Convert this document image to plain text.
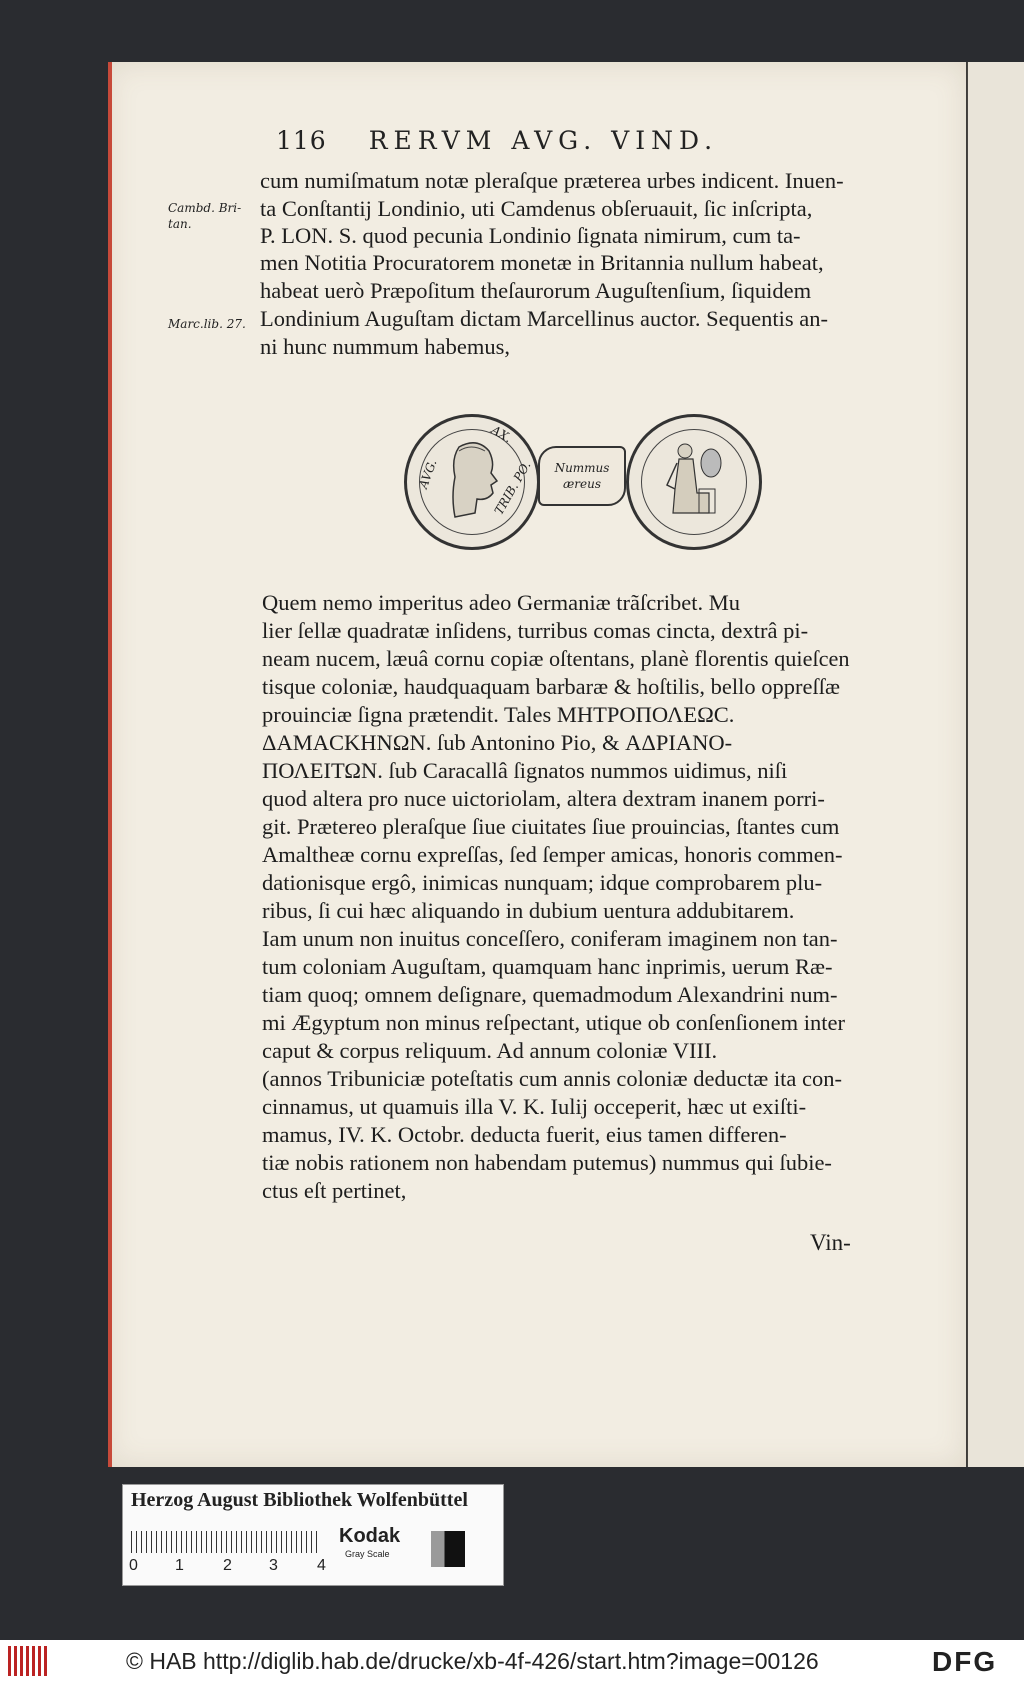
116 RERVM AVG. VIND.
Cambd. Bri-
tan.
Marc.lib. 27.
cum numiſmatum notæ pleraſque præterea urbes indicent. Inuen-
ta Conſtantij Londinio, uti Camdenus obſeruauit, ſic inſcripta,
P. LON. S. quod pecunia Londinio ſignata nimirum, cum ta-
men Notitia Procuratorem monetæ in Britannia nullum habeat,
habeat uerò Præpoſitum theſaurorum Auguſtenſium, ſiquidem
Londinium Auguſtam dictam Marcellinus auctor. Sequentis an-
ni hunc nummum habemus,
AVG.
AX.
TRIB. PO.	Nummus
æreus
Quem nemo imperitus adeo Germaniæ trãſcribet. Mu
lier ſellæ quadratæ inſidens, turribus comas cincta, dextrâ pi-
neam nucem, læuâ cornu copiæ oſtentans, planè florentis quieſcen
tisque coloniæ, haudquaquam barbaræ & hoſtilis, bello oppreſſæ
prouinciæ ſigna prætendit. Tales ΜΗΤΡΟΠΟΛΕΩC.
ΔΑΜΑCΚΗΝΩΝ. ſub Antonino Pio, & ΑΔΡΙΑΝΟ-
ΠΟΛΕΙΤΩΝ. ſub Caracallâ ſignatos nummos uidimus, niſi
quod altera pro nuce uictoriolam, altera dextram inanem porri-
git. Prætereo pleraſque ſiue ciuitates ſiue prouincias, ſtantes cum
Amaltheæ cornu expreſſas, ſed ſemper amicas, honoris commen-
dationisque ergô, inimicas nunquam; idque comprobarem plu-
ribus, ſi cui hæc aliquando in dubium uentura addubitarem.
Iam unum non inuitus conceſſero, coniferam imaginem non tan-
tum coloniam Auguſtam, quamquam hanc inprimis, uerum Ræ-
tiam quoq; omnem deſignare, quemadmodum Alexandrini num-
mi Ægyptum non minus reſpectant, utique ob conſenſionem inter
caput & corpus reliquum. Ad annum coloniæ VIII.
(annos Tribuniciæ poteſtatis cum annis coloniæ deductæ ita con-
cinnamus, ut quamuis illa V. K. Iulij occeperit, hæc ut exiſti-
mamus, IV. K. Octobr. deducta fuerit, eius tamen differen-
tiæ nobis rationem non habendam putemus) nummus qui ſubie-
ctus eſt pertinet,
Vin-
Herzog August Bibliothek Wolfenbüttel
0 1 2 3 4
Kodak
Gray Scale
© HAB http://diglib.hab.de/drucke/xb-4f-426/start.htm?image=00126	DFG
